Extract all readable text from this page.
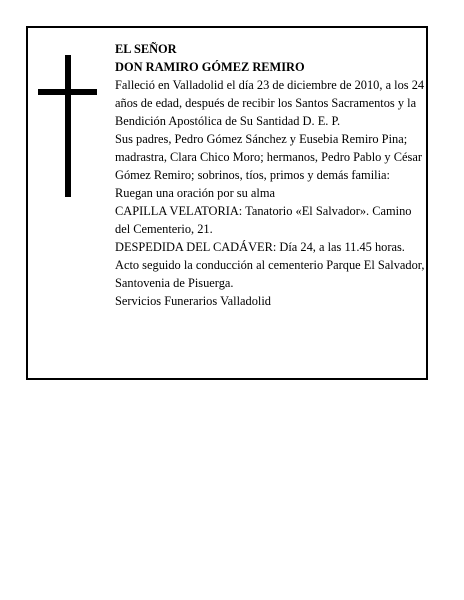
EL SEÑOR

DON RAMIRO GÓMEZ REMIRO

Falleció en Valladolid el día 23 de diciembre de 2010, a los 24 años de edad, después de recibir los Santos Sacramentos y la Bendición Apostólica de Su Santidad D. E. P.

Sus padres, Pedro Gómez Sánchez y Eusebia Remiro Pina; madrastra, Clara Chico Moro; hermanos, Pedro Pablo y César Gómez Remiro; sobrinos, tíos, primos y demás familia:

Ruegan una oración por su alma

CAPILLA VELATORIA: Tanatorio «El Salvador». Camino del Cementerio, 21.

DESPEDIDA DEL CADÁVER: Día 24, a las 11.45 horas. Acto seguido la conducción al cementerio Parque El Salvador, Santovenia de Pisuerga.

Servicios Funerarios Valladolid
